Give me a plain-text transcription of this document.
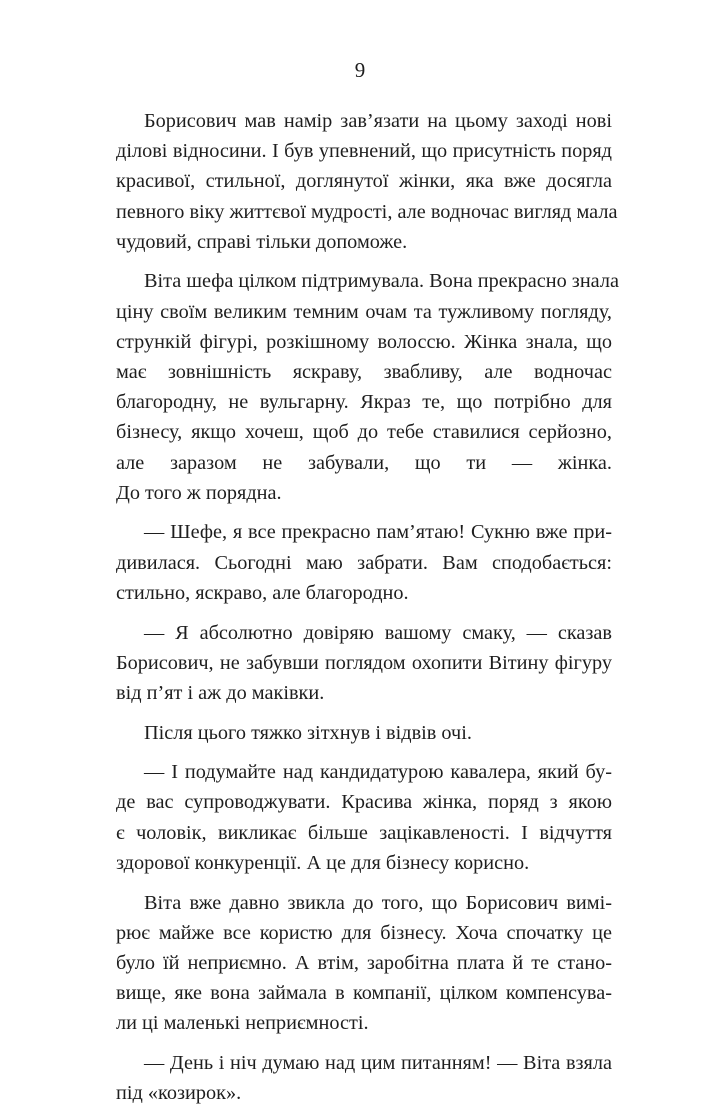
9
Борисович мав намір зав’язати на цьому заході нові
ділові відносини. І був упевнений, що присутність поряд
красивої, стильної, доглянутої жінки, яка вже досягла
певного віку життєвої мудрості, але водночас вигляд мала
чудовий, справі тільки допоможе.
Віта шефа цілком підтримувала. Вона прекрасно знала
ціну своїм великим темним очам та тужливому погляду,
стрункій фігурі, розкішному волоссю. Жінка знала, що
має зовнішність яскраву, звабливу, але водночас
благородну, не вульгарну. Якраз те, що потрібно для
бізнесу, якщо хочеш, щоб до тебе ставилися серйозно,
але заразом не забували, що ти — жінка.
До того ж порядна.
— Шефе, я все прекрасно пам’ятаю! Сукню вже при-
дивилася. Сьогодні маю забрати. Вам сподобається:
стильно, яскраво, але благородно.
— Я абсолютно довіряю вашому смаку, — сказав
Борисович, не забувши поглядом охопити Вітину фігуру
від п’ят і аж до маківки.
Після цього тяжко зітхнув і відвів очі.
— І подумайте над кандидатурою кавалера, який бу-
де вас супроводжувати. Красива жінка, поряд з якою
є чоловік, викликає більше зацікавленості. І відчуття
здорової конкуренції. А це для бізнесу корисно.
Віта вже давно звикла до того, що Борисович вимі-
рює майже все користю для бізнесу. Хоча спочатку це
було їй неприємно. А втім, заробітна плата й те стано-
вище, яке вона займала в компанії, цілком компенсува-
ли ці маленькі неприємності.
— День і ніч думаю над цим питанням! — Віта взяла
під «козирок».
